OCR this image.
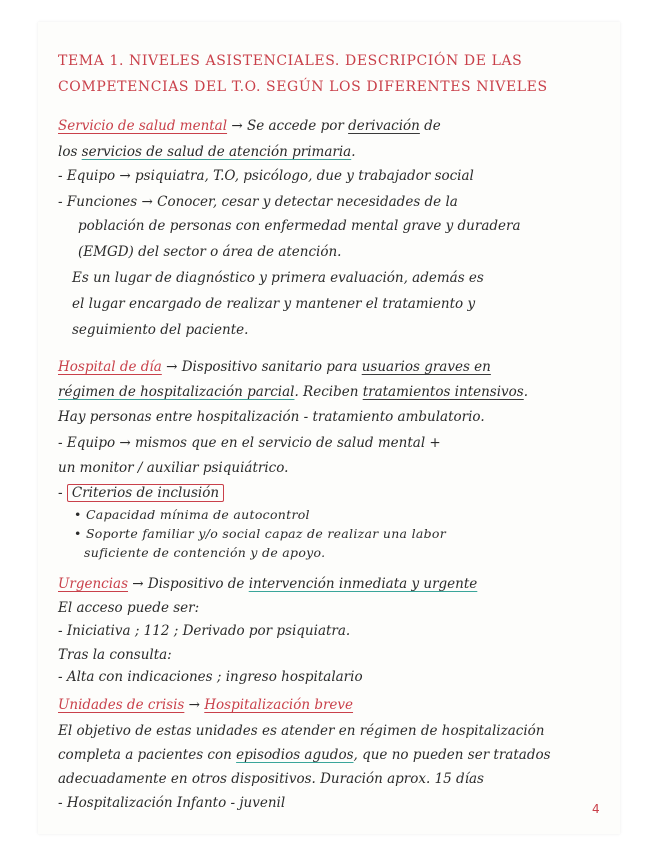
TEMA 1. NIVELES ASISTENCIALES. DESCRIPCIÓN DE LAS

COMPETENCIAS DEL T.O. SEGÚN LOS DIFERENTES NIVELES

Servicio de salud mental → Se accede por derivación de

los servicios de salud de atención primaria.

- Equipo → psiquiatra, T.O, psicólogo, due y trabajador social

- Funciones → Conocer, cesar y detectar necesidades de la

población de personas con enfermedad mental grave y duradera

(EMGD) del sector o área de atención.

Es un lugar de diagnóstico y primera evaluación, además es

el lugar encargado de realizar y mantener el tratamiento y

seguimiento del paciente.

Hospital de día → Dispositivo sanitario para usuarios graves en

régimen de hospitalización parcial. Reciben tratamientos intensivos.

Hay personas entre hospitalización - tratamiento ambulatorio.

- Equipo → mismos que en el servicio de salud mental +

un monitor / auxiliar psiquiátrico.

- Criterios de inclusión

• Capacidad mínima de autocontrol

• Soporte familiar y/o social capaz de realizar una labor

suficiente de contención y de apoyo.

Urgencias → Dispositivo de intervención inmediata y urgente

El acceso puede ser:

- Iniciativa ; 112 ; Derivado por psiquiatra.

Tras la consulta:

- Alta con indicaciones ; ingreso hospitalario

Unidades de crisis → Hospitalización breve

El objetivo de estas unidades es atender en régimen de hospitalización

completa a pacientes con episodios agudos, que no pueden ser tratados

adecuadamente en otros dispositivos. Duración aprox. 15 días

- Hospitalización Infanto - juvenil	4
